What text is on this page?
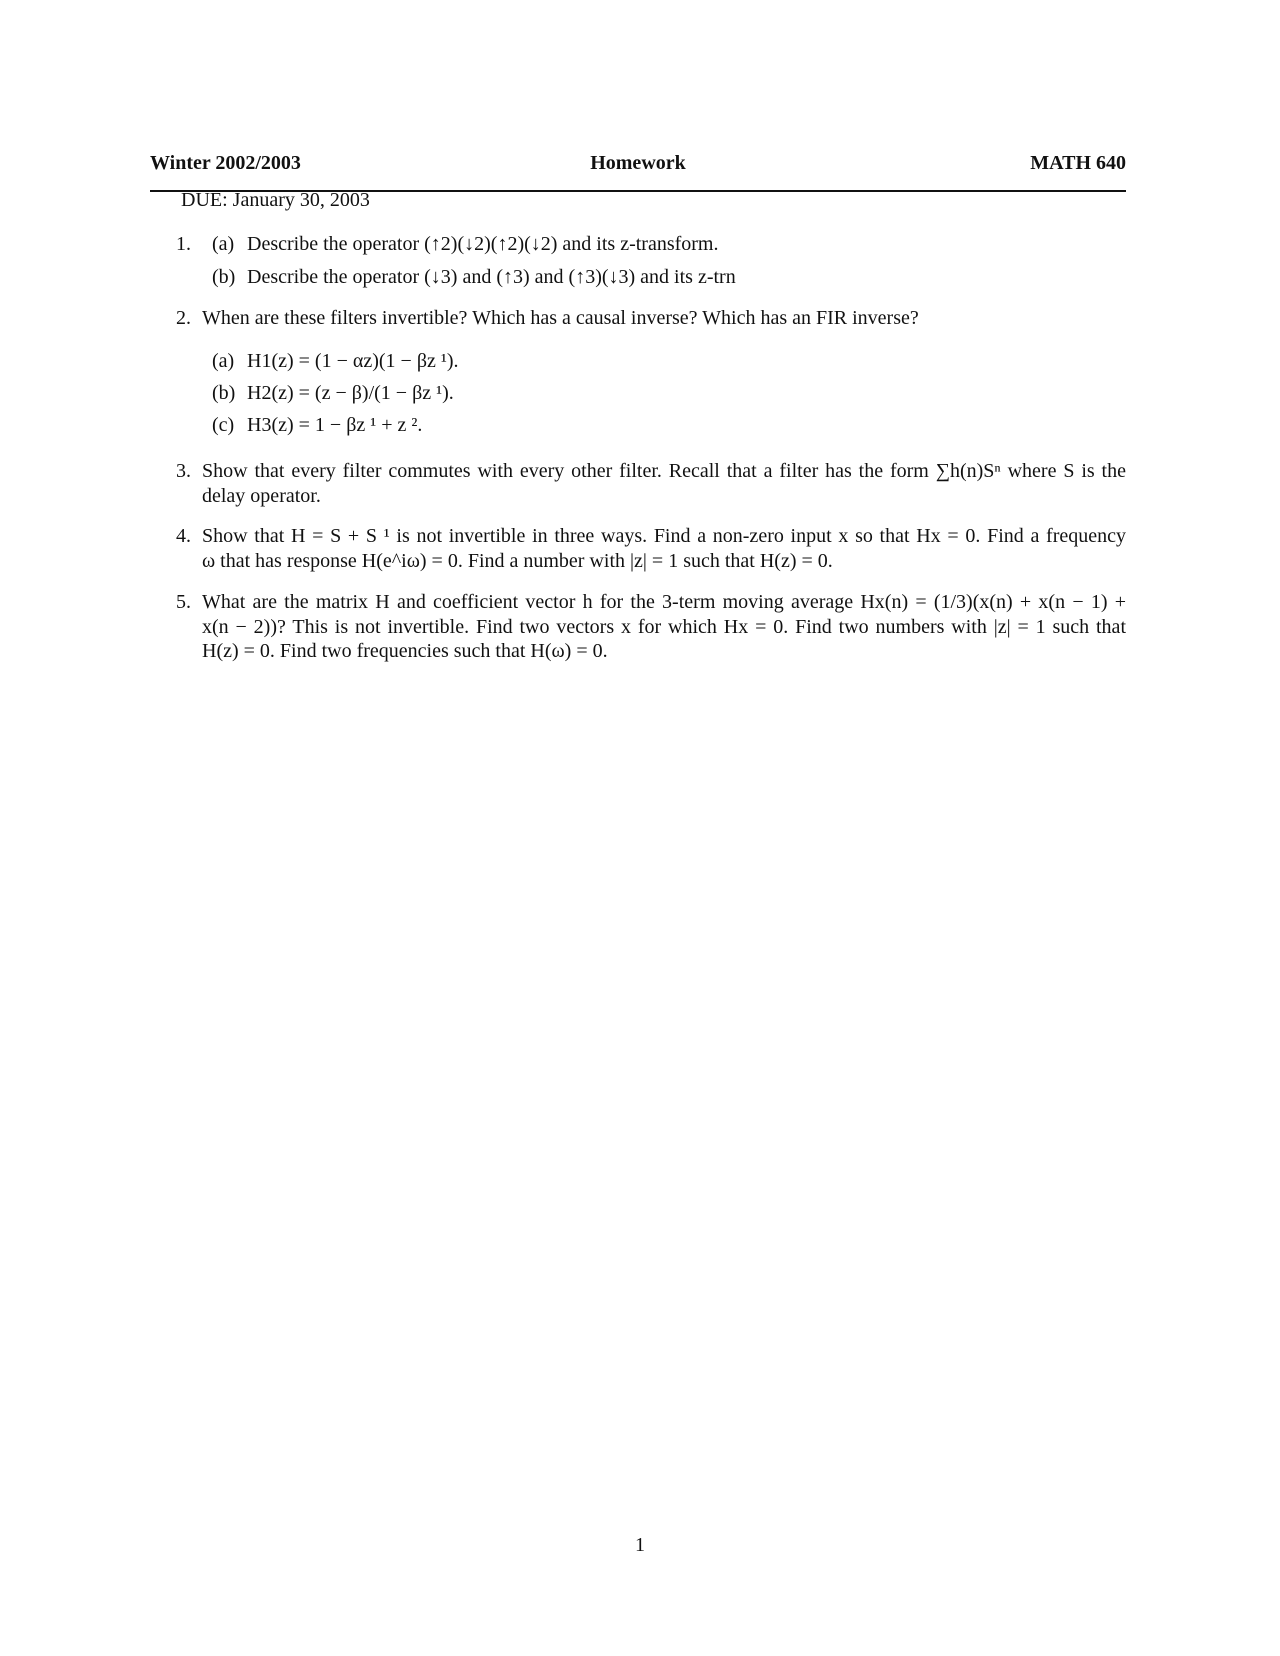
Winter 2002/2003	Homework	MATH 640
DUE: January 30, 2003
1. (a) Describe the operator (↑2)(↓2)(↑2)(↓2) and its z-transform.
(b) Describe the operator (↓3) and (↑3) and (↑3)(↓3) and its z-trn
2. When are these filters invertible? Which has a causal inverse? Which has an FIR inverse?
(a) H1(z) = (1 − αz)(1 − βz ¹).
(b) H2(z) = (z − β)/(1 − βz ¹).
(c) H3(z) = 1 − βz ¹ + z ².
3. Show that every filter commutes with every other filter. Recall that a filter has the form ∑h(n)Sⁿ where S is the
delay operator.
4. Show that H = S + S ¹ is not invertible in three ways. Find a non-zero input x so that Hx = 0. Find a frequency
ω that has response H(e^iω) = 0. Find a number with |z| = 1 such that H(z) = 0.
5. What are the matrix H and coefficient vector h for the 3-term moving average Hx(n) = (1/3)(x(n) + x(n − 1) +
x(n − 2))? This is not invertible. Find two vectors x for which Hx = 0. Find two numbers with |z| = 1 such that
H(z) = 0. Find two frequencies such that H(ω) = 0.
1
